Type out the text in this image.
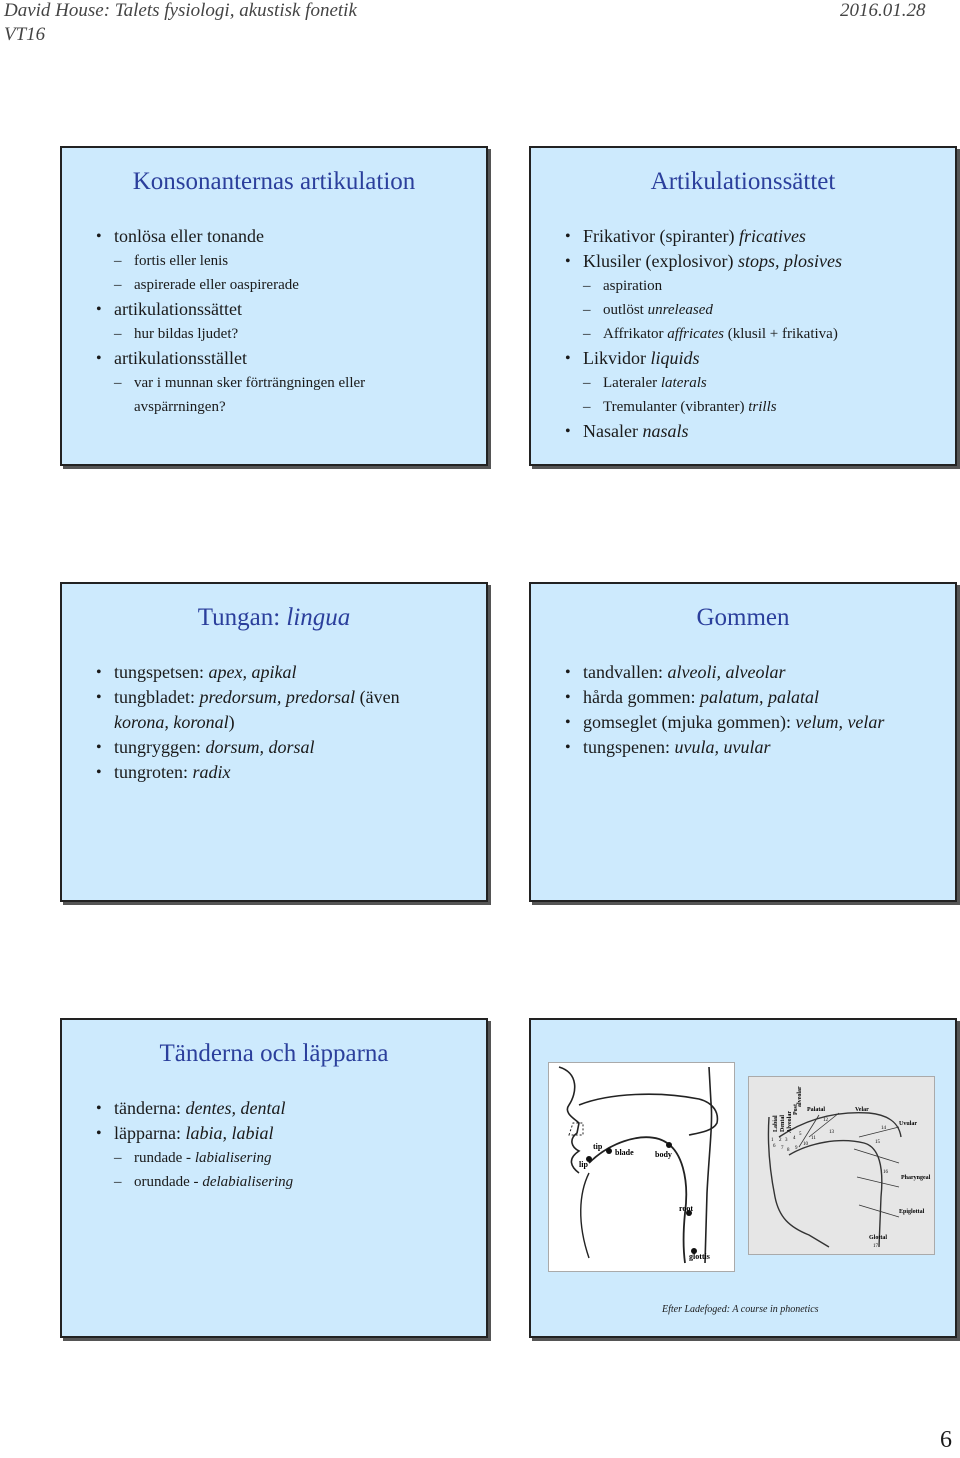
David House: Talets fysiologi, akustisk fonetik
VT16
2016.01.28
Konsonanternas artikulation
• tonlösa eller tonande
– fortis eller lenis
– aspirerade eller oaspirerade
• artikulationssättet
– hur bildas ljudet?
• artikulationsstället
– var i munnan sker förträngningen eller avspärrningen?
Artikulationssättet
• Frikativor (spiranter) fricatives
• Klusiler (explosivor) stops, plosives
– aspiration
– outlöst unreleased
– Affrikator affricates (klusil + frikativa)
• Likvidor liquids
– Lateraler laterals
– Tremulanter (vibranter) trills
• Nasaler nasals
Tungan: lingua
• tungspetsen: apex, apikal
• tungbladet: predorsum, predorsal (även korona, koronal)
• tungryggen: dorsum, dorsal
• tungroten: radix
Gommen
• tandvallen: alveoli, alveolar
• hårda gommen: palatum, palatal
• gomseglet (mjuka gommen): velum, velar
• tungspenen: uvula, uvular
Tänderna och läpparna
• tänderna: dentes, dental
• läpparna: labia, labial
– rundade - labialisering
– orundade - delabialisering
tip
lip
blade	body
root
glottis
Labial Dental Alveolar
Post
alveolar
Palatal	Velar
Uvular
Pharyngeal
Epiglottal
Glottal
1 2 3 4
5
6 7 8 9
10
11
12
13
14
15
16
17
Efter Ladefoged: A course in phonetics
6
